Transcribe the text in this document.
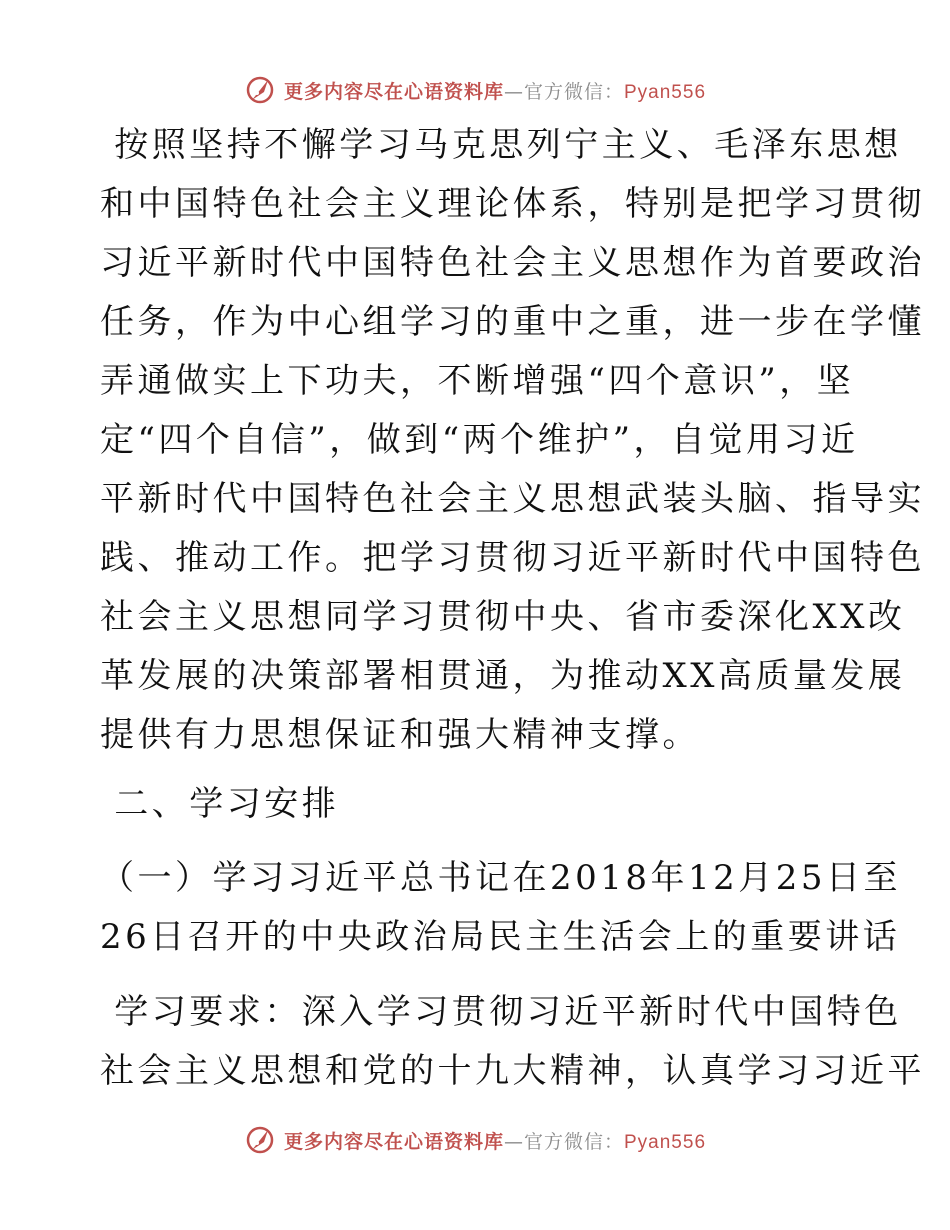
更多内容尽在心语资料库—官方微信：Pyan556
按照坚持不懈学习马克思列宁主义、毛泽东思想
和中国特色社会主义理论体系，特别是把学习贯彻
习近平新时代中国特色社会主义思想作为首要政治
任务，作为中心组学习的重中之重，进一步在学懂
弄通做实上下功夫，不断增强“四个意识”，坚
定“四个自信”，做到“两个维护”，自觉用习近
平新时代中国特色社会主义思想武装头脑、指导实
践、推动工作。把学习贯彻习近平新时代中国特色
社会主义思想同学习贯彻中央、省市委深化XX改
革发展的决策部署相贯通，为推动XX高质量发展
提供有力思想保证和强大精神支撑。
二、学习安排
（一）学习习近平总书记在2018年12月25日至
26日召开的中央政治局民主生活会上的重要讲话
学习要求：深入学习贯彻习近平新时代中国特色
社会主义思想和党的十九大精神，认真学习习近平
更多内容尽在心语资料库—官方微信：Pyan556
